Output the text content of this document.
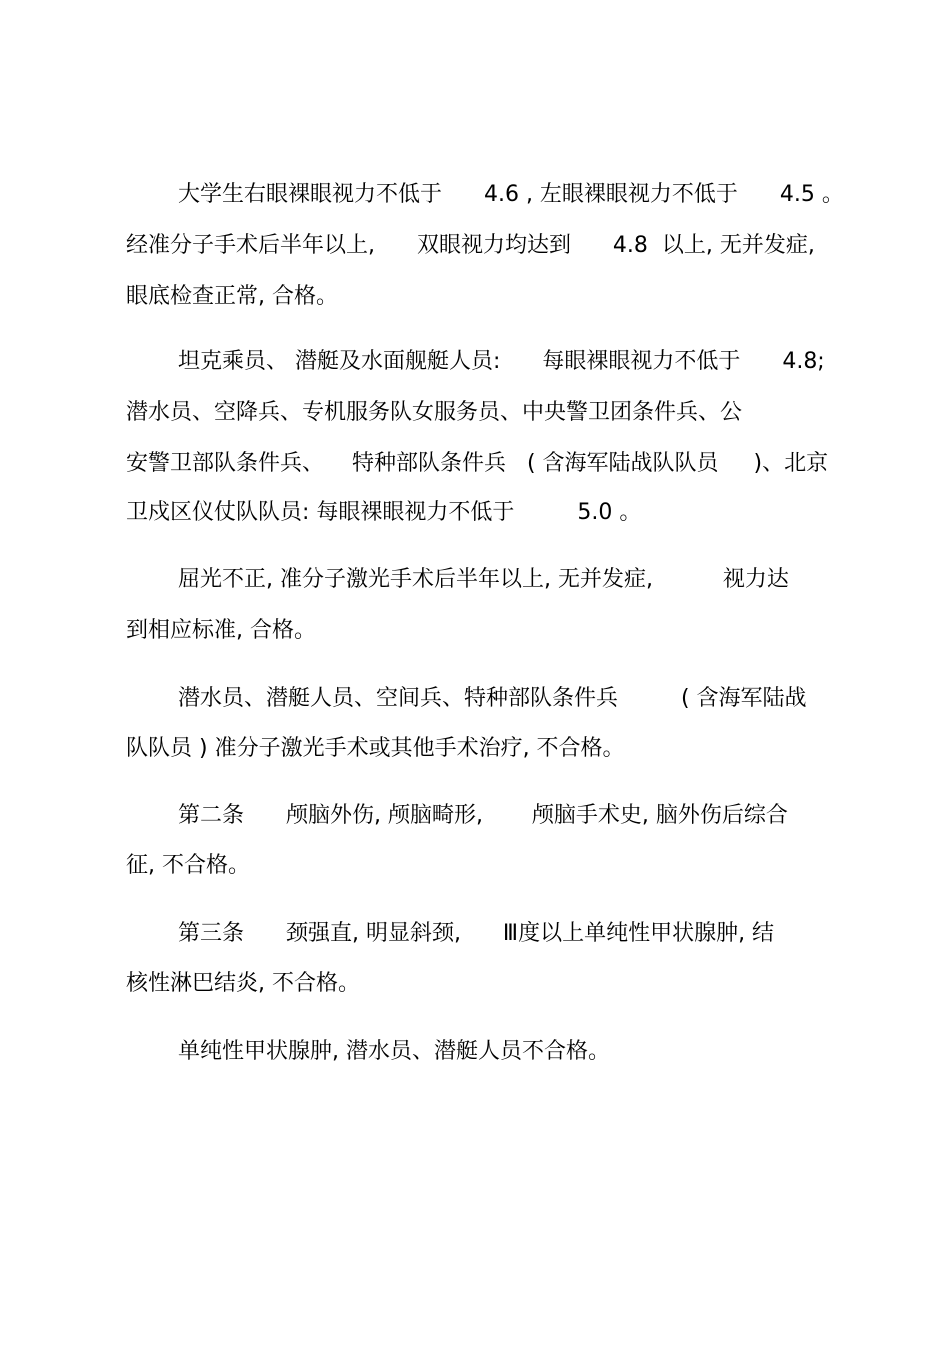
大学生右眼裸眼视力不低于      4.6 , 左眼裸眼视力不低于      4.5 。
经准分子手术后半年以上,      双眼视力均达到      4.8  以上, 无并发症,
眼底检查正常, 合格。
坦克乘员、 潜艇及水面舰艇人员:      每眼裸眼视力不低于      4.8;
潜水员、空降兵、专机服务队女服务员、中央警卫团条件兵、公
安警卫部队条件兵、    特种部队条件兵   ( 含海军陆战队队员     )、北京
卫戍区仪仗队队员: 每眼裸眼视力不低于         5.0 。
屈光不正, 准分子激光手术后半年以上, 无并发症,          视力达
到相应标准, 合格。
潜水员、潜艇人员、空间兵、特种部队条件兵         ( 含海军陆战
队队员 ) 准分子激光手术或其他手术治疗, 不合格。
第二条      颅脑外伤, 颅脑畸形,       颅脑手术史, 脑外伤后综合
征, 不合格。
第三条      颈强直, 明显斜颈,      Ⅲ度以上单纯性甲状腺肿, 结
核性淋巴结炎, 不合格。
单纯性甲状腺肿, 潜水员、潜艇人员不合格。
